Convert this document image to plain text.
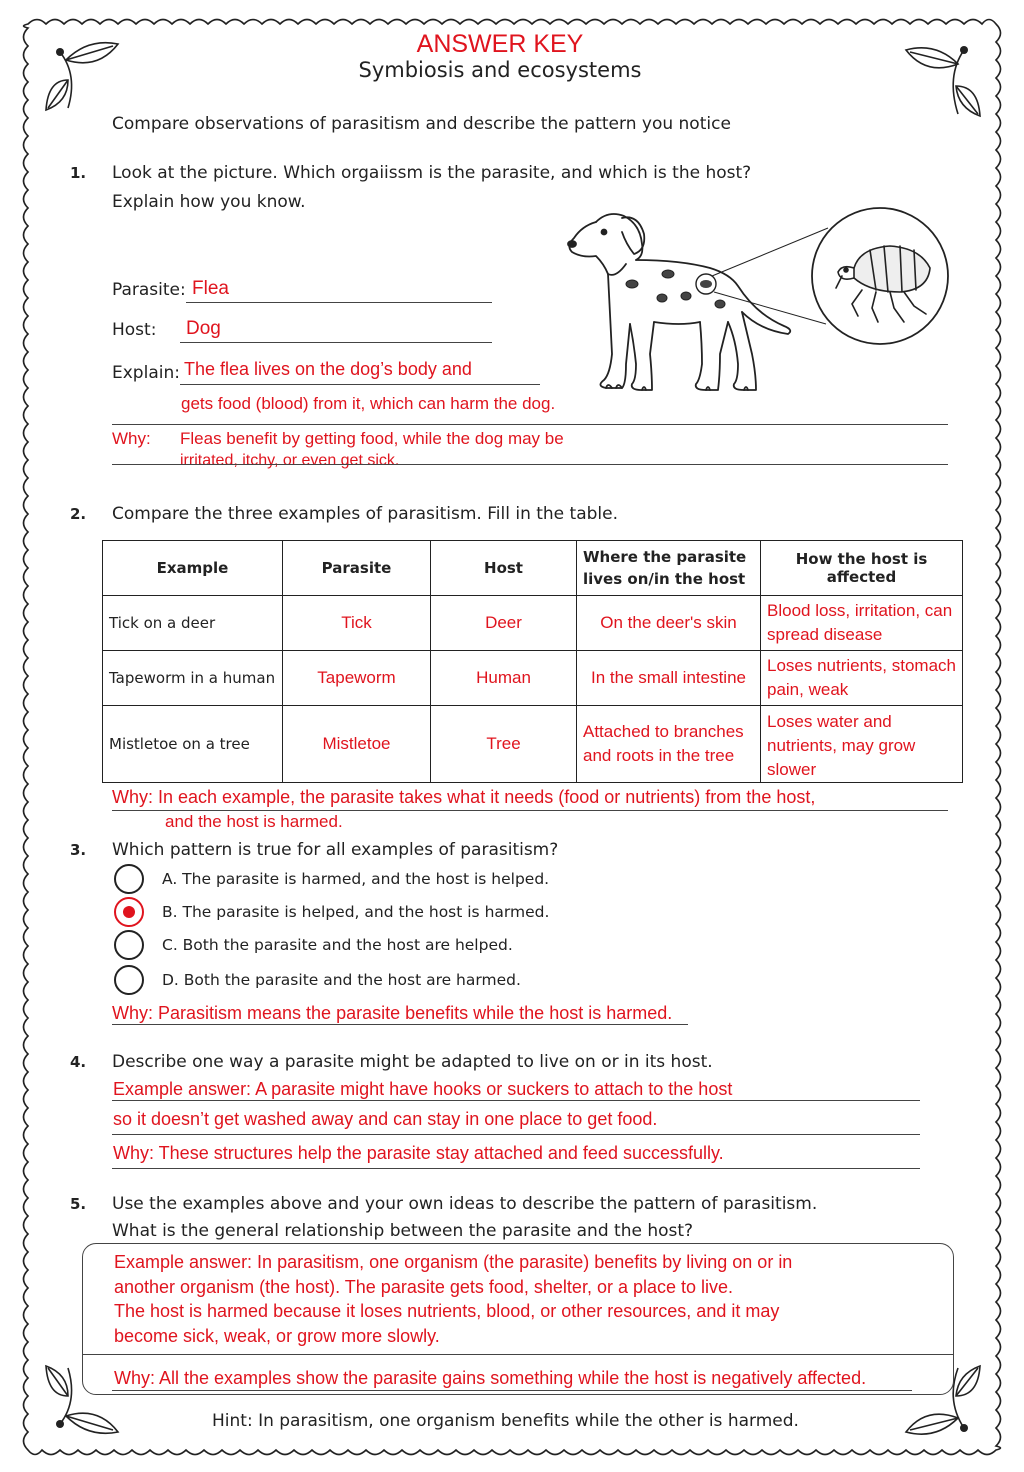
ANSWER KEY
Symbiosis and ecosystems
Compare observations of parasitism and describe the pattern you notice
1. Look at the picture. Which orgaiissm is the parasite, and which is the host?
Explain how you know.
Parasite: Flea
Host: Dog
Explain: The flea lives on the dog’s body and
gets food (blood) from it, which can harm the dog.
Why: Fleas benefit by getting food, while the dog may be
irritated, itchy, or even get sick.
2. Compare the three examples of parasitism. Fill in the table.
Example	Parasite	Host	Where the parasite lives on/in the host	How the host is affected
Tick on a deer	Tick	Deer	On the deer's skin	Blood loss, irritation, can spread disease
Tapeworm in a human	Tapeworm	Human	In the small intestine	Loses nutrients, stomach pain, weak
Mistletoe on a tree	Mistletoe	Tree	Attached to branches and roots in the tree	Loses water and nutrients, may grow slower
Why: In each example, the parasite takes what it needs (food or nutrients) from the host,
and the host is harmed.
3. Which pattern is true for all examples of parasitism?
A. The parasite is harmed, and the host is helped.
B. The parasite is helped, and the host is harmed.
C. Both the parasite and the host are helped.
D. Both the parasite and the host are harmed.
Why: Parasitism means the parasite benefits while the host is harmed.
4. Describe one way a parasite might be adapted to live on or in its host.
Example answer: A parasite might have hooks or suckers to attach to the host
so it doesn’t get washed away and can stay in one place to get food.
Why: These structures help the parasite stay attached and feed successfully.
5. Use the examples above and your own ideas to describe the pattern of parasitism.
What is the general relationship between the parasite and the host?
Example answer: In parasitism, one organism (the parasite) benefits by living on or in
another organism (the host). The parasite gets food, shelter, or a place to live.
The host is harmed because it loses nutrients, blood, or other resources, and it may
become sick, weak, or grow more slowly.
Why: All the examples show the parasite gains something while the host is negatively affected.
Hint: In parasitism, one organism benefits while the other is harmed.
